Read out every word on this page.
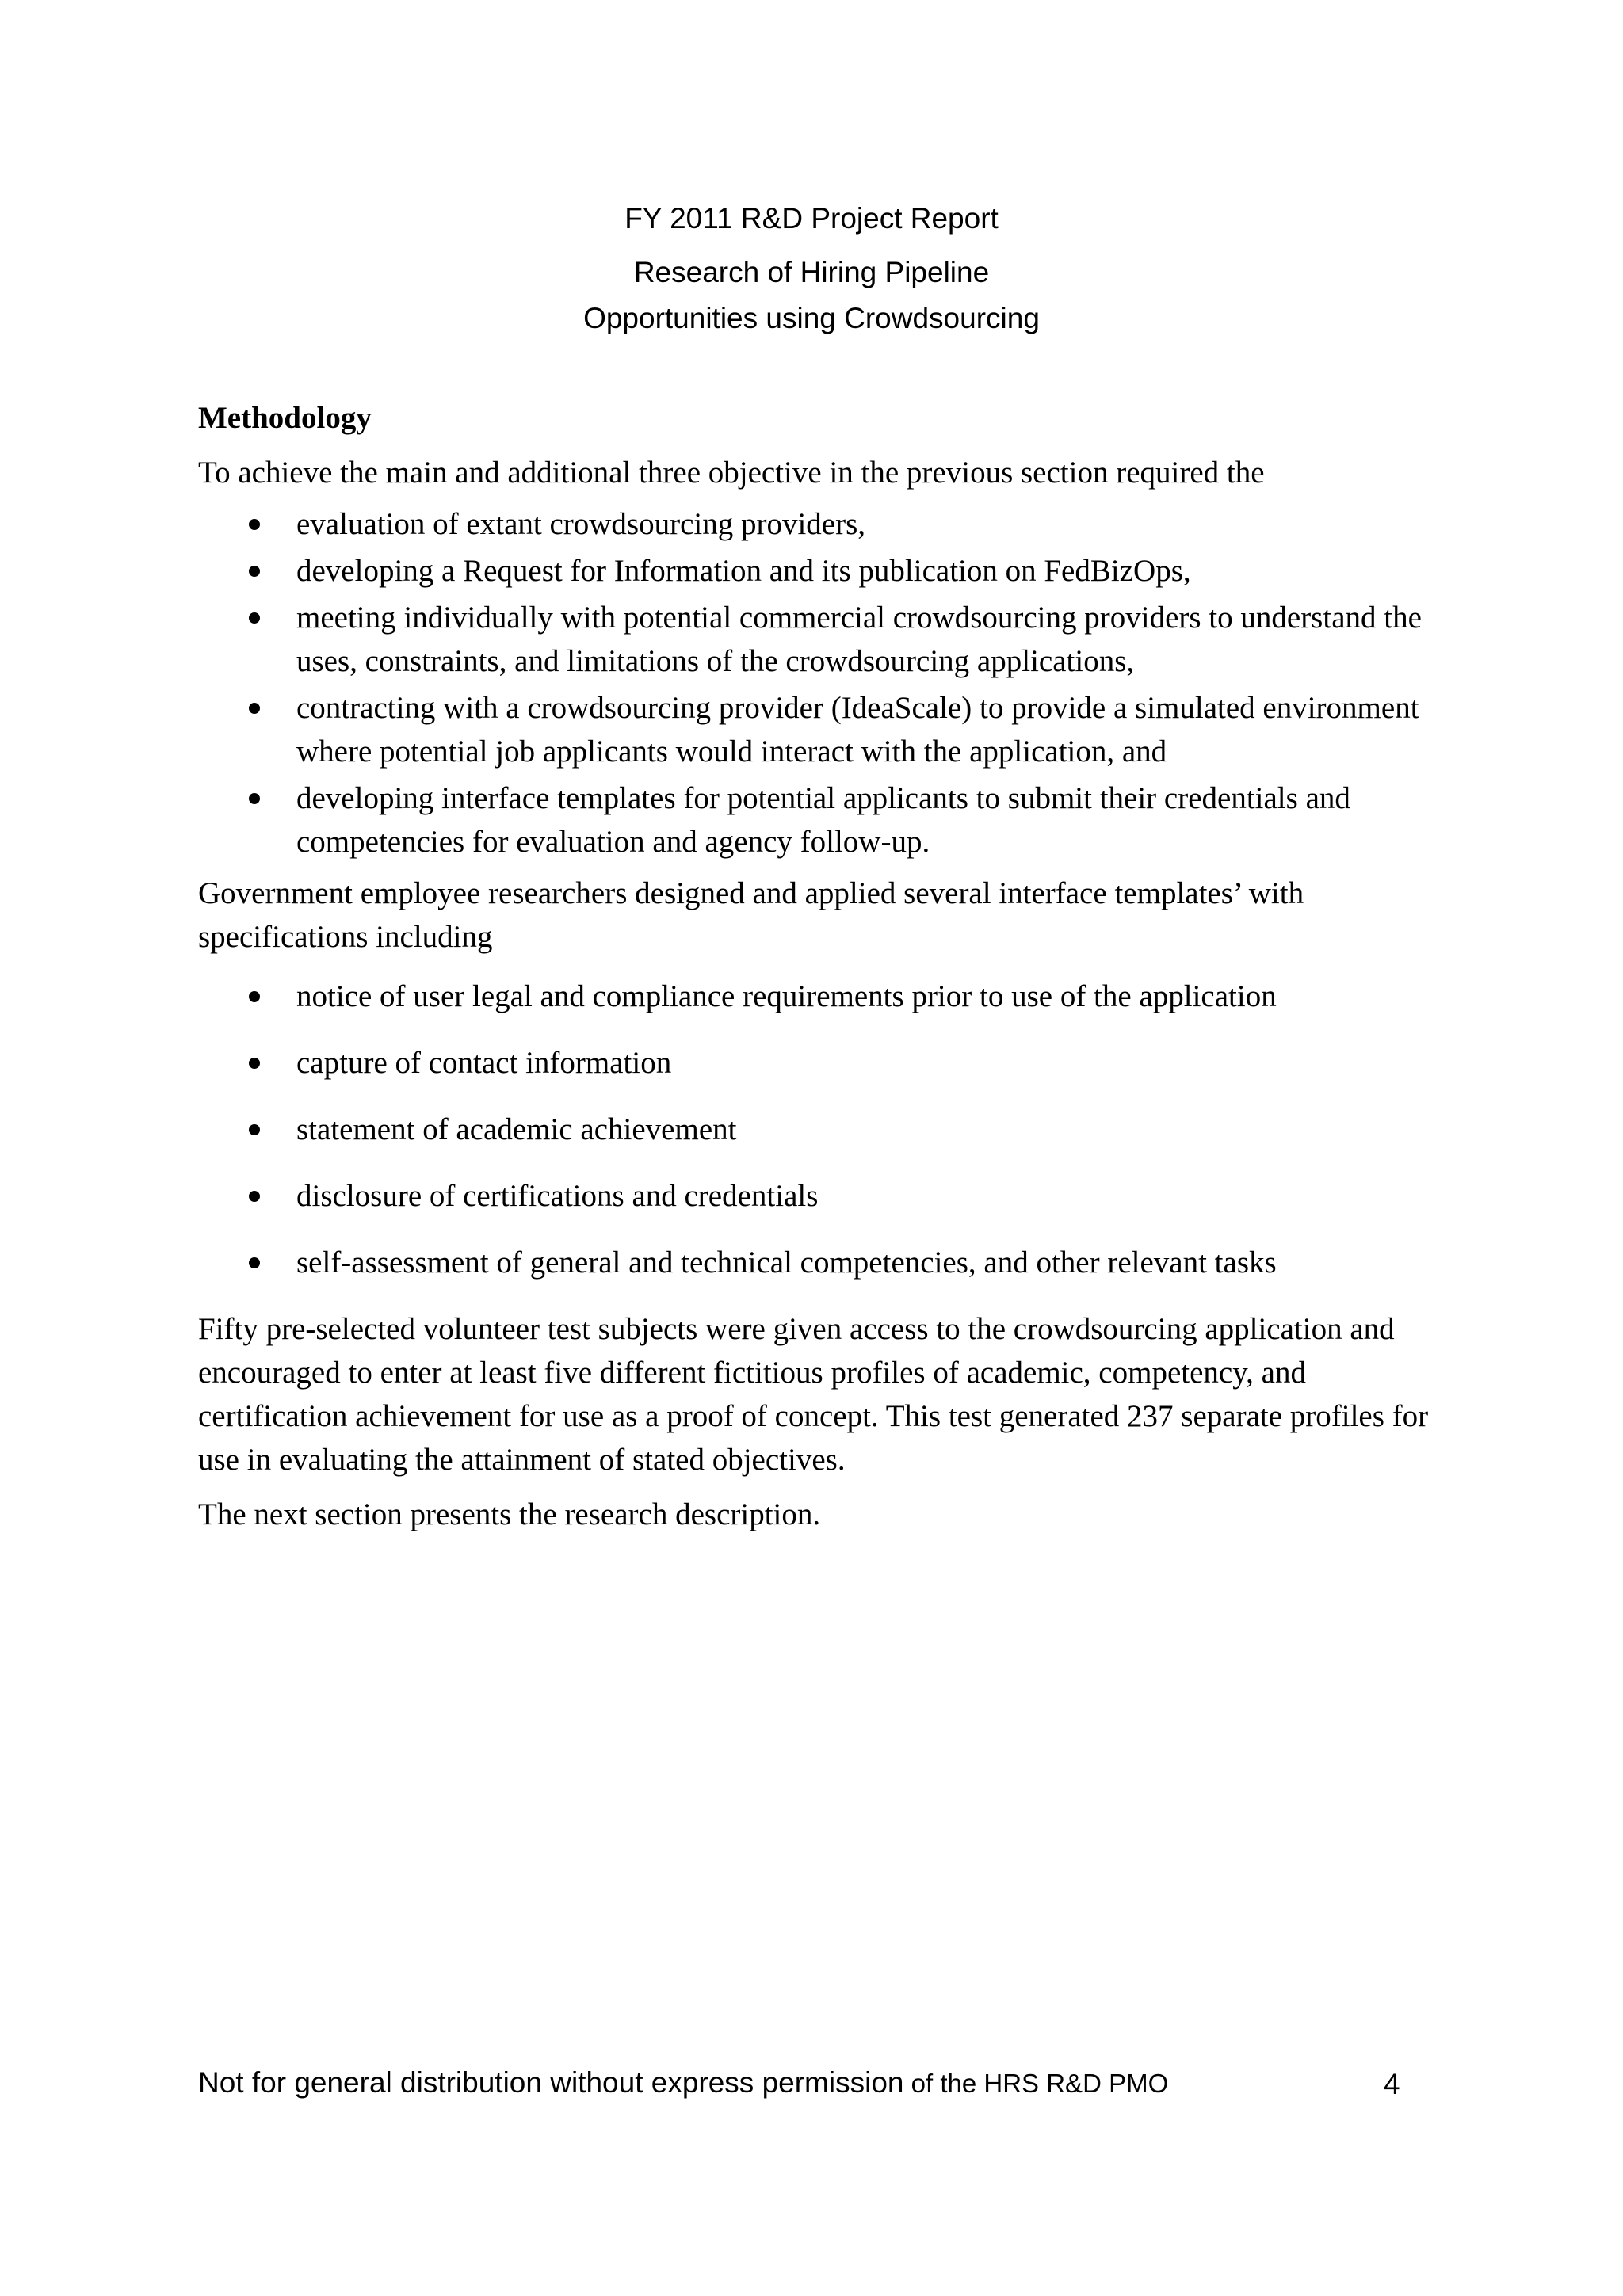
FY 2011 R&D Project Report
Research of Hiring Pipeline
Opportunities using Crowdsourcing
Methodology

To achieve the main and additional three objective in the previous section required the

evaluation of extant crowdsourcing providers,
developing a Request for Information and its publication on FedBizOps,
meeting individually with potential commercial crowdsourcing providers to understand the uses, constraints, and limitations of the crowdsourcing applications,
contracting with a crowdsourcing provider (IdeaScale) to provide a simulated environment where potential job applicants would interact with the application, and
developing interface templates for potential applicants to submit their credentials and competencies for evaluation and agency follow-up.

Government employee researchers designed and applied several interface templates’ with specifications including

notice of user legal and compliance requirements prior to use of the application
capture of contact information
statement of academic achievement
disclosure of certifications and credentials
self-assessment of general and technical competencies, and other relevant tasks

Fifty pre-selected volunteer test subjects were given access to the crowdsourcing application and encouraged to enter at least five different fictitious profiles of academic, competency, and certification achievement for use as a proof of concept. This test generated 237 separate profiles for use in evaluating the attainment of stated objectives.

The next section presents the research description.

Not for general distribution without express permission of the HRS R&D PMO	4
